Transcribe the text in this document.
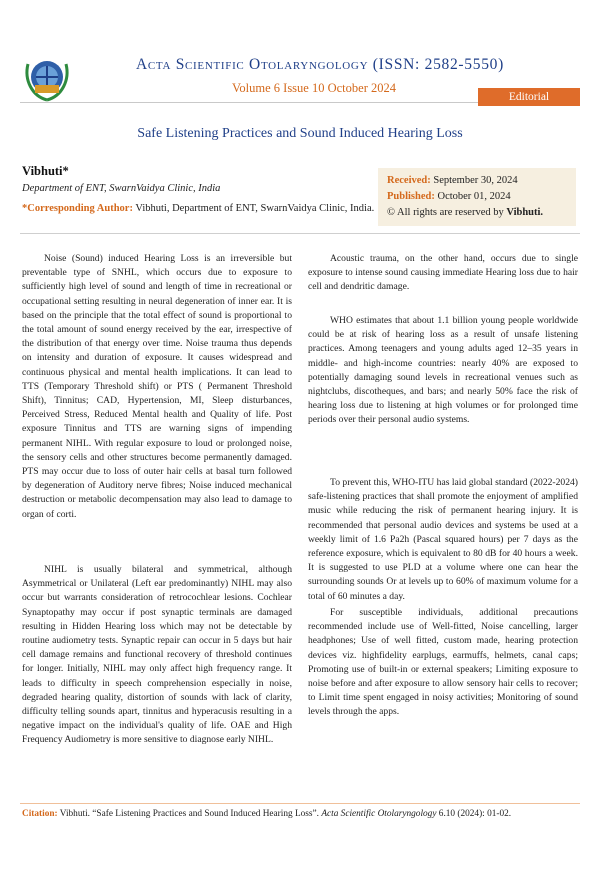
Acta Scientific Otolaryngology (ISSN: 2582-5550)
Volume 6 Issue 10 October 2024
Editorial
Safe Listening Practices and Sound Induced Hearing Loss
Vibhuti*
Department of ENT, SwarnVaidya Clinic, India
*Corresponding Author: Vibhuti, Department of ENT, SwarnVaidya Clinic, India.
Received: September 30, 2024
Published: October 01, 2024
© All rights are reserved by Vibhuti.

Noise (Sound) induced Hearing Loss is an irreversible but preventable type of SNHL, which occurs due to exposure to sufficiently high level of sound and length of time in recreational or occupational setting resulting in neural degeneration of inner ear. It is based on the principle that the total effect of sound is proportional to the total amount of sound energy received by the ear, irrespective of the distribution of that energy over time. Noise trauma thus depends on intensity and duration of exposure. It causes widespread and continuous physical and mental health implications. It can lead to TTS (Temporary Threshold shift) or PTS ( Permanent Threshold Shift), Tinnitus; CAD, Hypertension, MI, Sleep disturbances, Perceived Stress, Reduced Mental health and Quality of life. Post exposure Tinnitus and TTS are warning signs of impending permanent NIHL. With regular exposure to loud or prolonged noise, the sensory cells and other structures become permanently damaged. PTS may occur due to loss of outer hair cells at basal turn followed by degeneration of Auditory nerve fibres; Noise induced mechanical destruction or metabolic decompensation may also lead to damage to organ of corti.

NIHL is usually bilateral and symmetrical, although Asymmetrical or Unilateral (Left ear predominantly) NIHL may also occur but warrants consideration of retrocochlear lesions. Cochlear Synaptopathy may occur if post synaptic terminals are damaged resulting in Hidden Hearing loss which may not be detectable by routine audiometry tests. Synaptic repair can occur in 5 days but hair cell damage remains and functional recovery of threshold continues for longer. Initially, NIHL may only affect high frequency range. It leads to difficulty in speech comprehension especially in noise, degraded hearing quality, distortion of sounds with lack of clarity, difficulty telling sounds apart, tinnitus and hyperacusis resulting in a negative impact on the individual's quality of life. OAE and High Frequency Audiometry is more sensitive to diagnose early NIHL.

Acoustic trauma, on the other hand, occurs due to single exposure to intense sound causing immediate Hearing loss due to hair cell and dendritic damage.

WHO estimates that about 1.1 billion young people worldwide could be at risk of hearing loss as a result of unsafe listening practices. Among teenagers and young adults aged 12–35 years in middle- and high-income countries: nearly 40% are exposed to potentially damaging sound levels in recreational venues such as nightclubs, discotheques, and bars; and nearly 50% face the risk of hearing loss due to listening at high volumes or for prolonged time periods over their personal audio systems.

To prevent this, WHO-ITU has laid global standard (2022-2024) safe-listening practices that shall promote the enjoyment of amplified music while reducing the risk of permanent hearing injury. It is recommended that personal audio devices and systems be used at a weekly limit of 1.6 Pa2h (Pascal squared hours) per 7 days as the reference exposure, which is equivalent to 80 dB for 40 hours a week. It is suggested to use PLD at a volume where one can hear the surrounding sounds Or at levels up to 60% of maximum volume for a total of 60 minutes a day.

For susceptible individuals, additional precautions recommended include use of Well-fitted, Noise cancelling, larger headphones; Use of well fitted, custom made, hearing protection devices viz. highfidelity earplugs, earmuffs, helmets, canal caps; Promoting use of built-in or external speakers; Limiting exposure to noise before and after exposure to allow sensory hair cells to recover; to Limit time spent engaged in noisy activities; Monitoring of sound levels through the apps.

Citation: Vibhuti. “Safe Listening Practices and Sound Induced Hearing Loss”. Acta Scientific Otolaryngology 6.10 (2024): 01-02.
